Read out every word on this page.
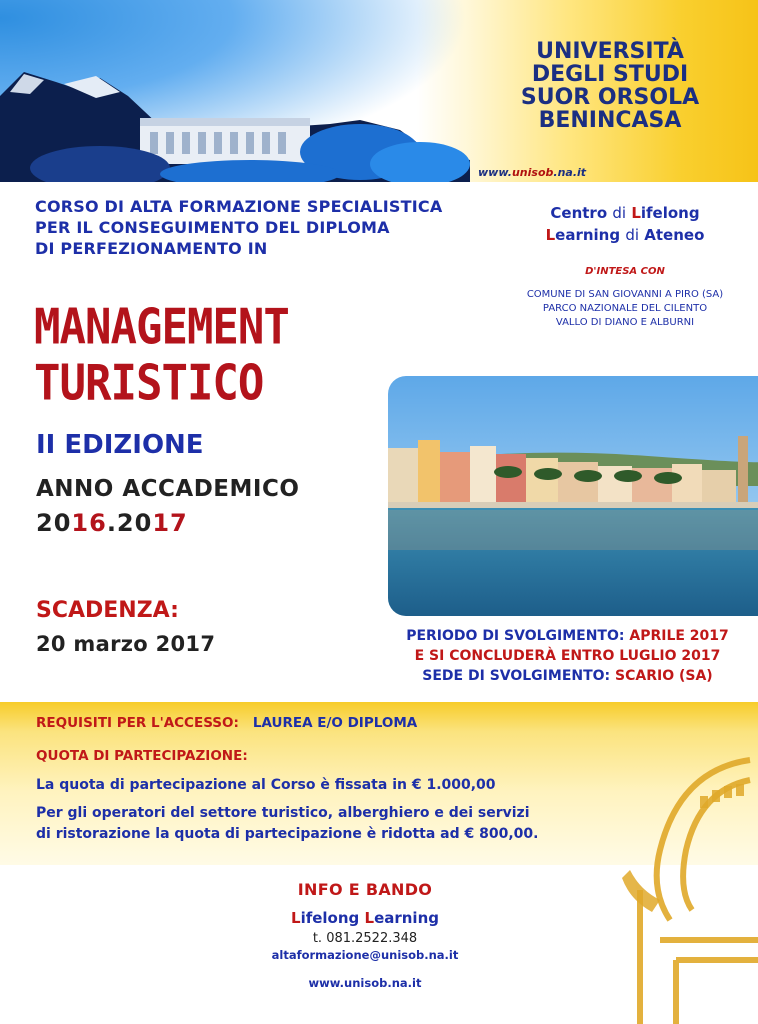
UNIVERSITÀ
DEGLI STUDI
SUOR ORSOLA
BENINCASA
www.unisob.na.it
CORSO DI ALTA FORMAZIONE SPECIALISTICA
PER IL CONSEGUIMENTO DEL DIPLOMA
DI PERFEZIONAMENTO IN
Centro di Lifelong
Learning di Ateneo
D'INTESA CON
COMUNE DI SAN GIOVANNI A PIRO (SA)
PARCO NAZIONALE DEL CILENTO
VALLO DI DIANO E ALBURNI
MANAGEMENT
TURISTICO
II EDIZIONE
ANNO ACCADEMICO
2016.2017
SCADENZA:
20 marzo 2017	PERIODO DI SVOLGIMENTO: APRILE 2017
E SI CONCLUDERÀ ENTRO LUGLIO 2017
SEDE DI SVOLGIMENTO: SCARIO (SA)
REQUISITI PER L'ACCESSO: LAUREA E/O DIPLOMA
QUOTA DI PARTECIPAZIONE:
La quota di partecipazione al Corso è fissata in € 1.000,00
Per gli operatori del settore turistico, alberghiero e dei servizi
di ristorazione la quota di partecipazione è ridotta ad € 800,00.
INFO E BANDO
Lifelong Learning
t. 081.2522.348
altaformazione@unisob.na.it
www.unisob.na.it
